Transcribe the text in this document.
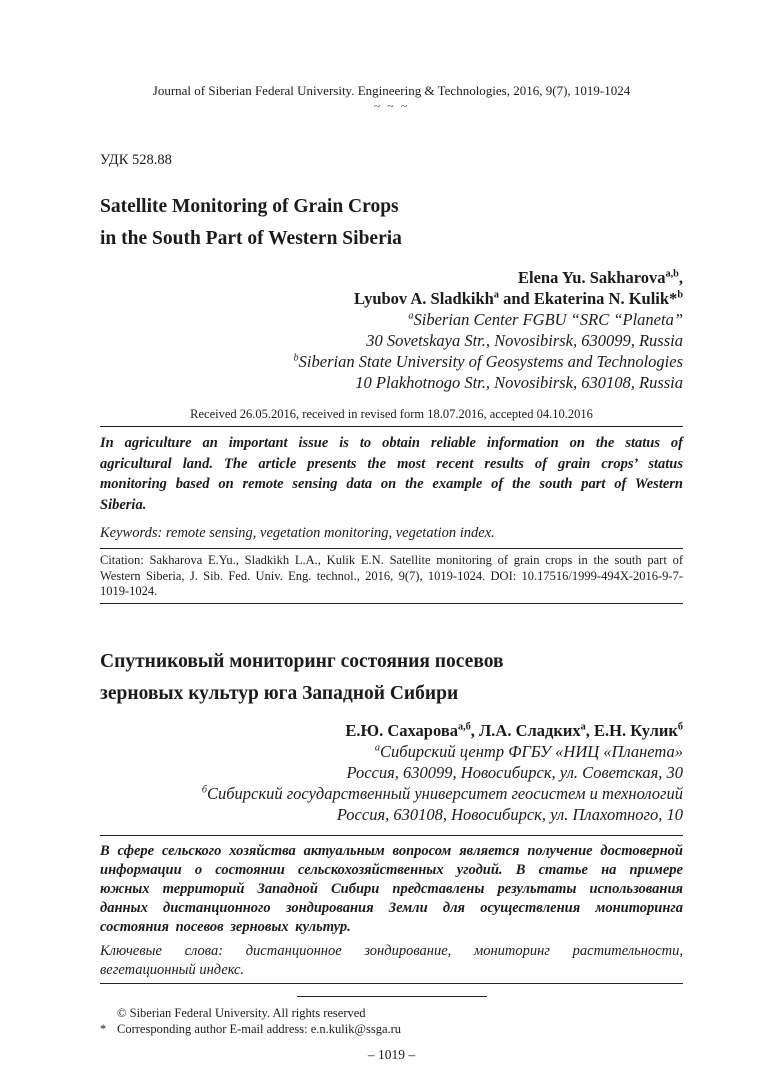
Journal of Siberian Federal University. Engineering & Technologies, 2016, 9(7), 1019-1024
~ ~ ~
УДК 528.88
Satellite Monitoring of Grain Crops
in the South Part of Western Siberia
Elena Yu. Sakharova$^{a,b}$,
Lyubov A. Sladkikh$^a$ and Ekaterina N. Kulik*$^b$
$^a$Siberian Center FGBU “SRC “Planeta”
30 Sovetskaya Str., Novosibirsk, 630099, Russia
$^b$Siberian State University of Geosystems and Technologies
10 Plakhotnogo Str., Novosibirsk, 630108, Russia
Received 26.05.2016, received in revised form 18.07.2016, accepted 04.10.2016

In agriculture an important issue is to obtain reliable information on the status of agricultural land. The article presents the most recent results of grain crops’ status monitoring based on remote sensing data on the example of the south part of Western Siberia.

Keywords: remote sensing, vegetation monitoring, vegetation index.

Citation: Sakharova E.Yu., Sladkikh L.A., Kulik E.N. Satellite monitoring of grain crops in the south part of Western Siberia, J. Sib. Fed. Univ. Eng. technol., 2016, 9(7), 1019-1024. DOI: 10.17516/1999-494X-2016-9-7-1019-1024.

Спутниковый мониторинг состояния посевов
зерновых культур юга Западной Сибири
Е.Ю. Сахарова$^{а,б}$, Л.А. Сладких$^а$, Е.Н. Кулик$^б$
$^а$Сибирский центр ФГБУ «НИЦ «Планета»
Россия, 630099, Новосибирск, ул. Советская, 30
$^б$Сибирский государственный университет геосистем и технологий
Россия, 630108, Новосибирск, ул. Плахотного, 10

В сфере сельского хозяйства актуальным вопросом является получение достоверной информации о состоянии сельскохозяйственных угодий. В статье на примере южных территорий Западной Сибири представлены результаты использования данных дистанционного зондирования Земли для осуществления мониторинга состояния посевов зерновых культур.

Ключевые слова: дистанционное зондирование, мониторинг растительности, вегетационный индекс.

© Siberian Federal University. All rights reserved
* Corresponding author E-mail address: e.n.kulik@ssga.ru
– 1019 –
